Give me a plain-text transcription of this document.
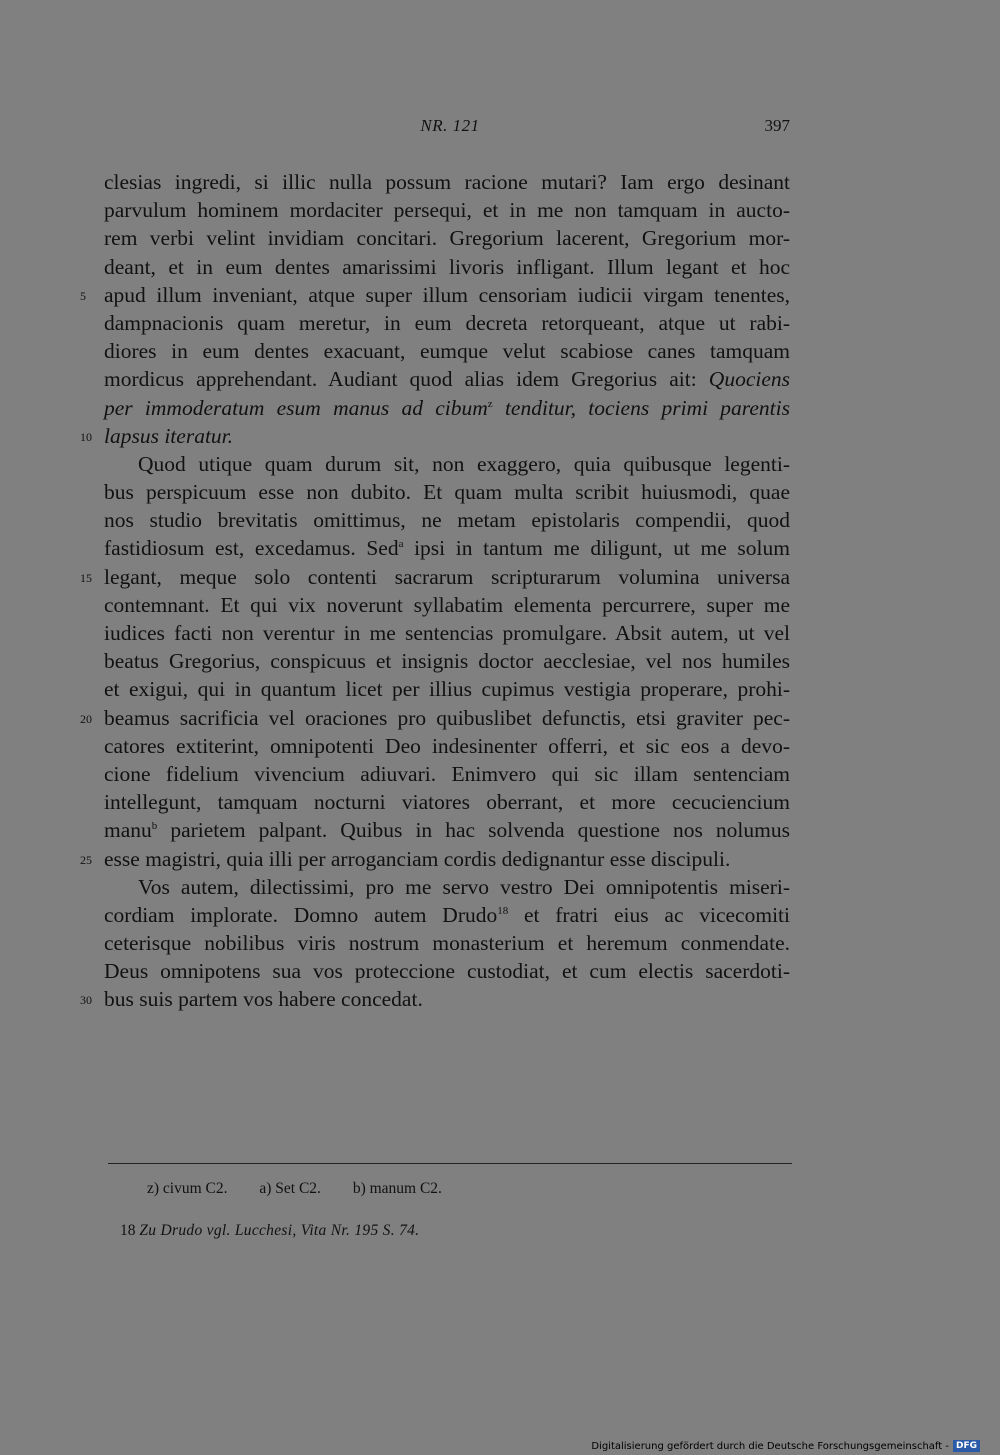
NR. 121	397
clesias ingredi, si illic nulla possum racione mutari? Iam ergo desinant
parvulum hominem mordaciter persequi, et in me non tamquam in aucto-
rem verbi velint invidiam concitari. Gregorium lacerent, Gregorium mor-
deant, et in eum dentes amarissimi livoris infligant. Illum legant et hoc
5 apud illum inveniant, atque super illum censoriam iudicii virgam tenentes,
dampnacionis quam meretur, in eum decreta retorqueant, atque ut rabi-
diores in eum dentes exacuant, eumque velut scabiose canes tamquam
mordicus apprehendant. Audiant quod alias idem Gregorius ait: Quociens
per immoderatum esum manus ad cibum$^z$ tenditur, tociens primi parentis
10 lapsus iteratur.
Quod utique quam durum sit, non exaggero, quia quibusque legenti-
bus perspicuum esse non dubito. Et quam multa scribit huiusmodi, quae
nos studio brevitatis omittimus, ne metam epistolaris compendii, quod
fastidiosum est, excedamus. Sed$^a$ ipsi in tantum me diligunt, ut me solum
15 legant, meque solo contenti sacrarum scripturarum volumina universa
contemnant. Et qui vix noverunt syllabatim elementa percurrere, super me
iudices facti non verentur in me sentencias promulgare. Absit autem, ut vel
beatus Gregorius, conspicuus et insignis doctor aecclesiae, vel nos humiles
et exigui, qui in quantum licet per illius cupimus vestigia properare, prohi-
20 beamus sacrificia vel oraciones pro quibuslibet defunctis, etsi graviter pec-
catores extiterint, omnipotenti Deo indesinenter offerri, et sic eos a devo-
cione fidelium vivencium adiuvari. Enimvero qui sic illam sentenciam
intellegunt, tamquam nocturni viatores oberrant, et more cecuciencium
manu$^b$ parietem palpant. Quibus in hac solvenda questione nos nolumus
25 esse magistri, quia illi per arroganciam cordis dedignantur esse discipuli.
Vos autem, dilectissimi, pro me servo vestro Dei omnipotentis miseri-
cordiam implorate. Domno autem Drudo$^{18}$ et fratri eius ac vicecomiti
ceterisque nobilibus viris nostrum monasterium et heremum conmendate.
Deus omnipotens sua vos proteccione custodiat, et cum electis sacerdoti-
30 bus suis partem vos habere concedat.
z) civum C2. a) Set C2. b) manum C2.
18 Zu Drudo vgl. Lucchesi, Vita Nr. 195 S. 74.
Digitalisierung gefördert durch die Deutsche Forschungsgemeinschaft - DFG
